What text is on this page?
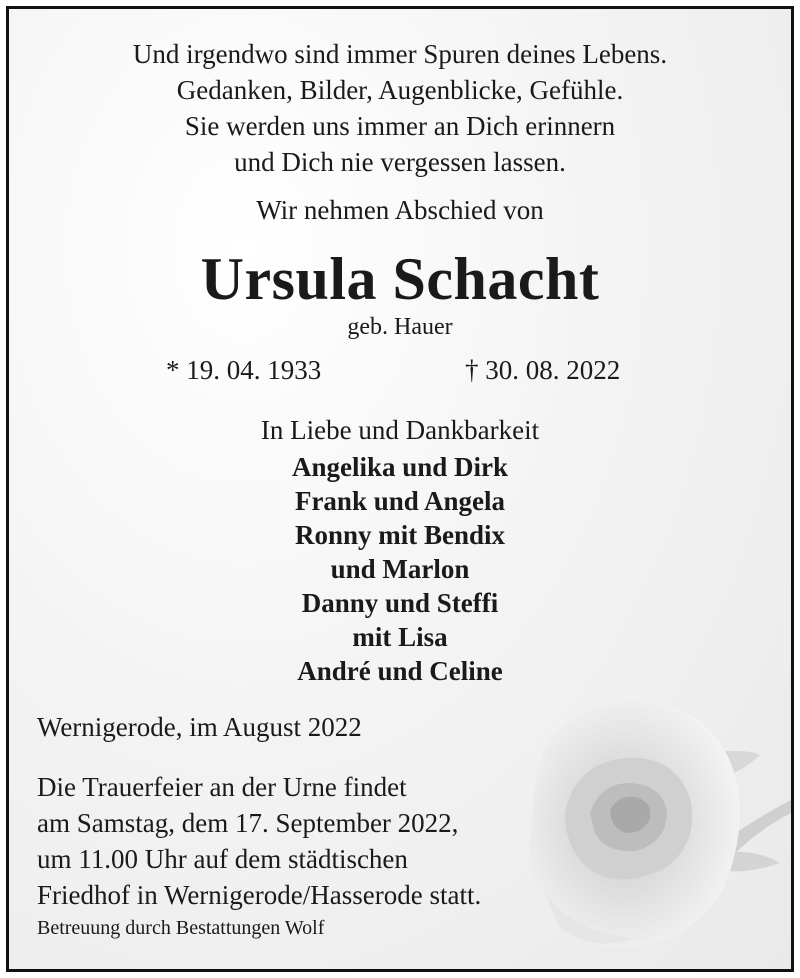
Und irgendwo sind immer Spuren deines Lebens.
Gedanken, Bilder, Augenblicke, Gefühle.
Sie werden uns immer an Dich erinnern
und Dich nie vergessen lassen.
Wir nehmen Abschied von
Ursula Schacht
geb. Hauer
* 19. 04. 1933	† 30. 08. 2022
In Liebe und Dankbarkeit
Angelika und Dirk
Frank und Angela
Ronny mit Bendix
und Marlon
Danny und Steffi
mit Lisa
André und Celine
Wernigerode, im August 2022
Die Trauerfeier an der Urne findet
am Samstag, dem 17. September 2022,
um 11.00 Uhr auf dem städtischen
Friedhof in Wernigerode/Hasserode statt.
Betreuung durch Bestattungen Wolf
